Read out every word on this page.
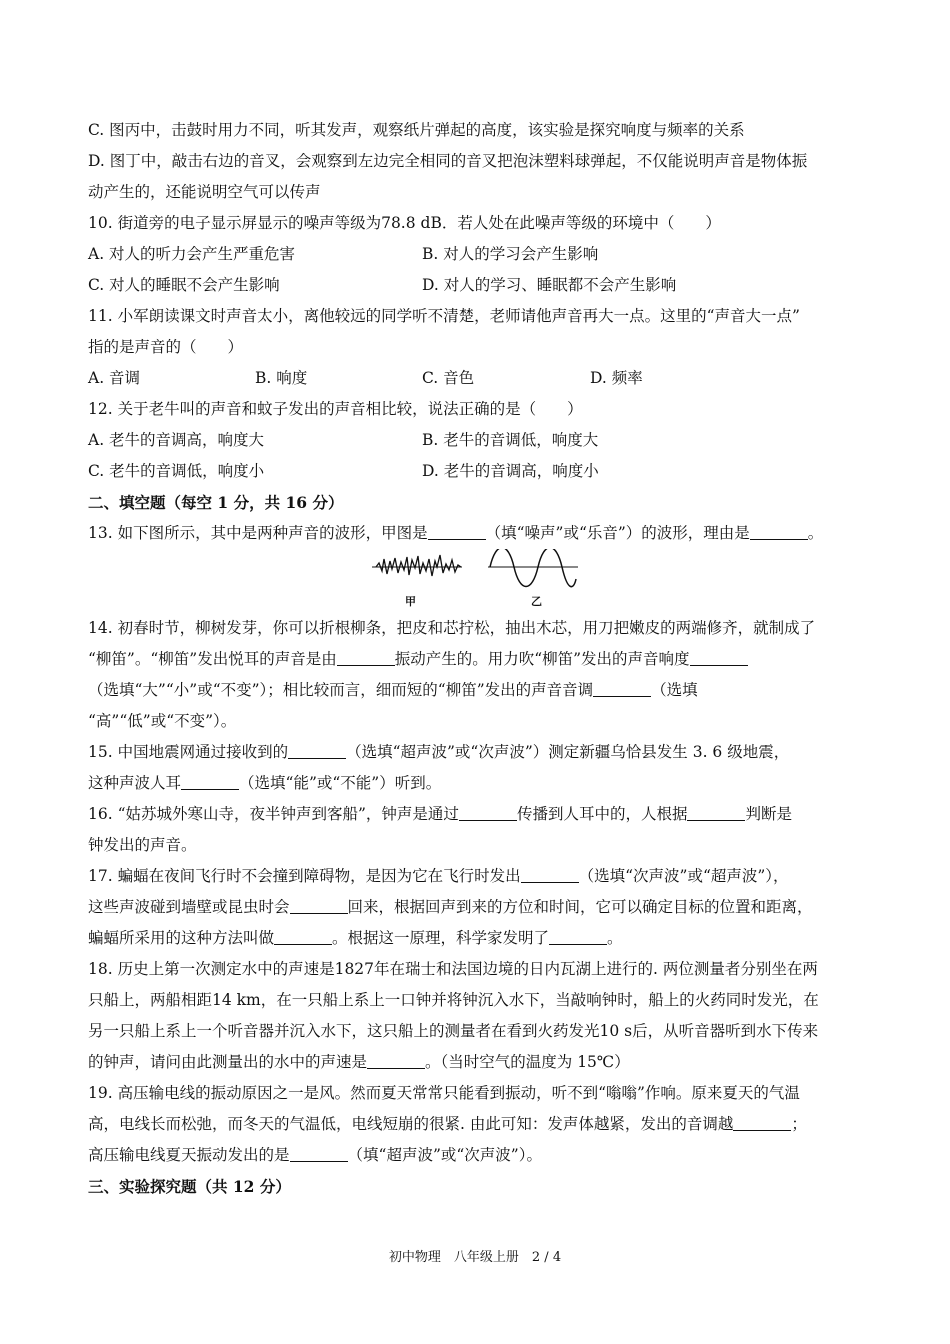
C. 图丙中，击鼓时用力不同，听其发声，观察纸片弹起的高度，该实验是探究响度与频率的关系
D. 图丁中，敲击右边的音叉，会观察到左边完全相同的音叉把泡沫塑料球弹起，不仅能说明声音是物体振
动产生的，还能说明空气可以传声
10. 街道旁的电子显示屏显示的噪声等级为78.8 dB．若人处在此噪声等级的环境中（　　）
A. 对人的听力会产生严重危害	B. 对人的学习会产生影响
C. 对人的睡眠不会产生影响	D. 对人的学习、睡眠都不会产生影响
11. 小军朗读课文时声音太小，离他较远的同学听不清楚，老师请他声音再大一点。这里的“声音大一点”
指的是声音的（　　）
A. 音调	B. 响度	C. 音色	D. 频率
12. 关于老牛叫的声音和蚊子发出的声音相比较，说法正确的是（　　）
A. 老牛的音调高，响度大	B. 老牛的音调低，响度大
C. 老牛的音调低，响度小	D. 老牛的音调高，响度小
二、填空题（每空 1 分，共 16 分）
13. 如下图所示，其中是两种声音的波形，甲图是	（填“噪声”或“乐音”）的波形，理由是	。
甲	乙
14. 初春时节，柳树发芽，你可以折根柳条，把皮和芯拧松，抽出木芯，用刀把嫩皮的两端修齐，就制成了
“柳笛”。“柳笛”发出悦耳的声音是由	振动产生的。用力吹“柳笛”发出的声音响度
（选填“大”“小”或“不变”）；相比较而言，细而短的“柳笛”发出的声音音调	（选填
“高”“低”或“不变”）。
15. 中国地震网通过接收到的	（选填“超声波”或“次声波”）测定新疆乌恰县发生 3. 6 级地震，
这种声波人耳	（选填“能”或“不能”）听到。
16. “姑苏城外寒山寺，夜半钟声到客船”，钟声是通过	传播到人耳中的，人根据	判断是
钟发出的声音。
17. 蝙蝠在夜间飞行时不会撞到障碍物，是因为它在飞行时发出	（选填“次声波”或“超声波”），
这些声波碰到墙壁或昆虫时会	回来，根据回声到来的方位和时间，它可以确定目标的位置和距离，
蝙蝠所采用的这种方法叫做	。根据这一原理，科学家发明了	。
18. 历史上第一次测定水中的声速是1827年在瑞士和法国边境的日内瓦湖上进行的. 两位测量者分别坐在两
只船上，两船相距14 km，在一只船上系上一口钟并将钟沉入水下，当敲响钟时，船上的火药同时发光，在
另一只船上系上一个听音器并沉入水下，这只船上的测量者在看到火药发光10 s后，从听音器听到水下传来
的钟声，请问由此测量出的水中的声速是	。（当时空气的温度为 15℃）
19. 高压输电线的振动原因之一是风。然而夏天常常只能看到振动，听不到“嗡嗡”作响。原来夏天的气温
高，电线长而松弛，而冬天的气温低，电线短崩的很紧. 由此可知：发声体越紧，发出的音调越	；
高压输电线夏天振动发出的是	（填“超声波”或“次声波”）。
三、实验探究题（共 12 分）
初中物理　八年级上册　2 / 4
